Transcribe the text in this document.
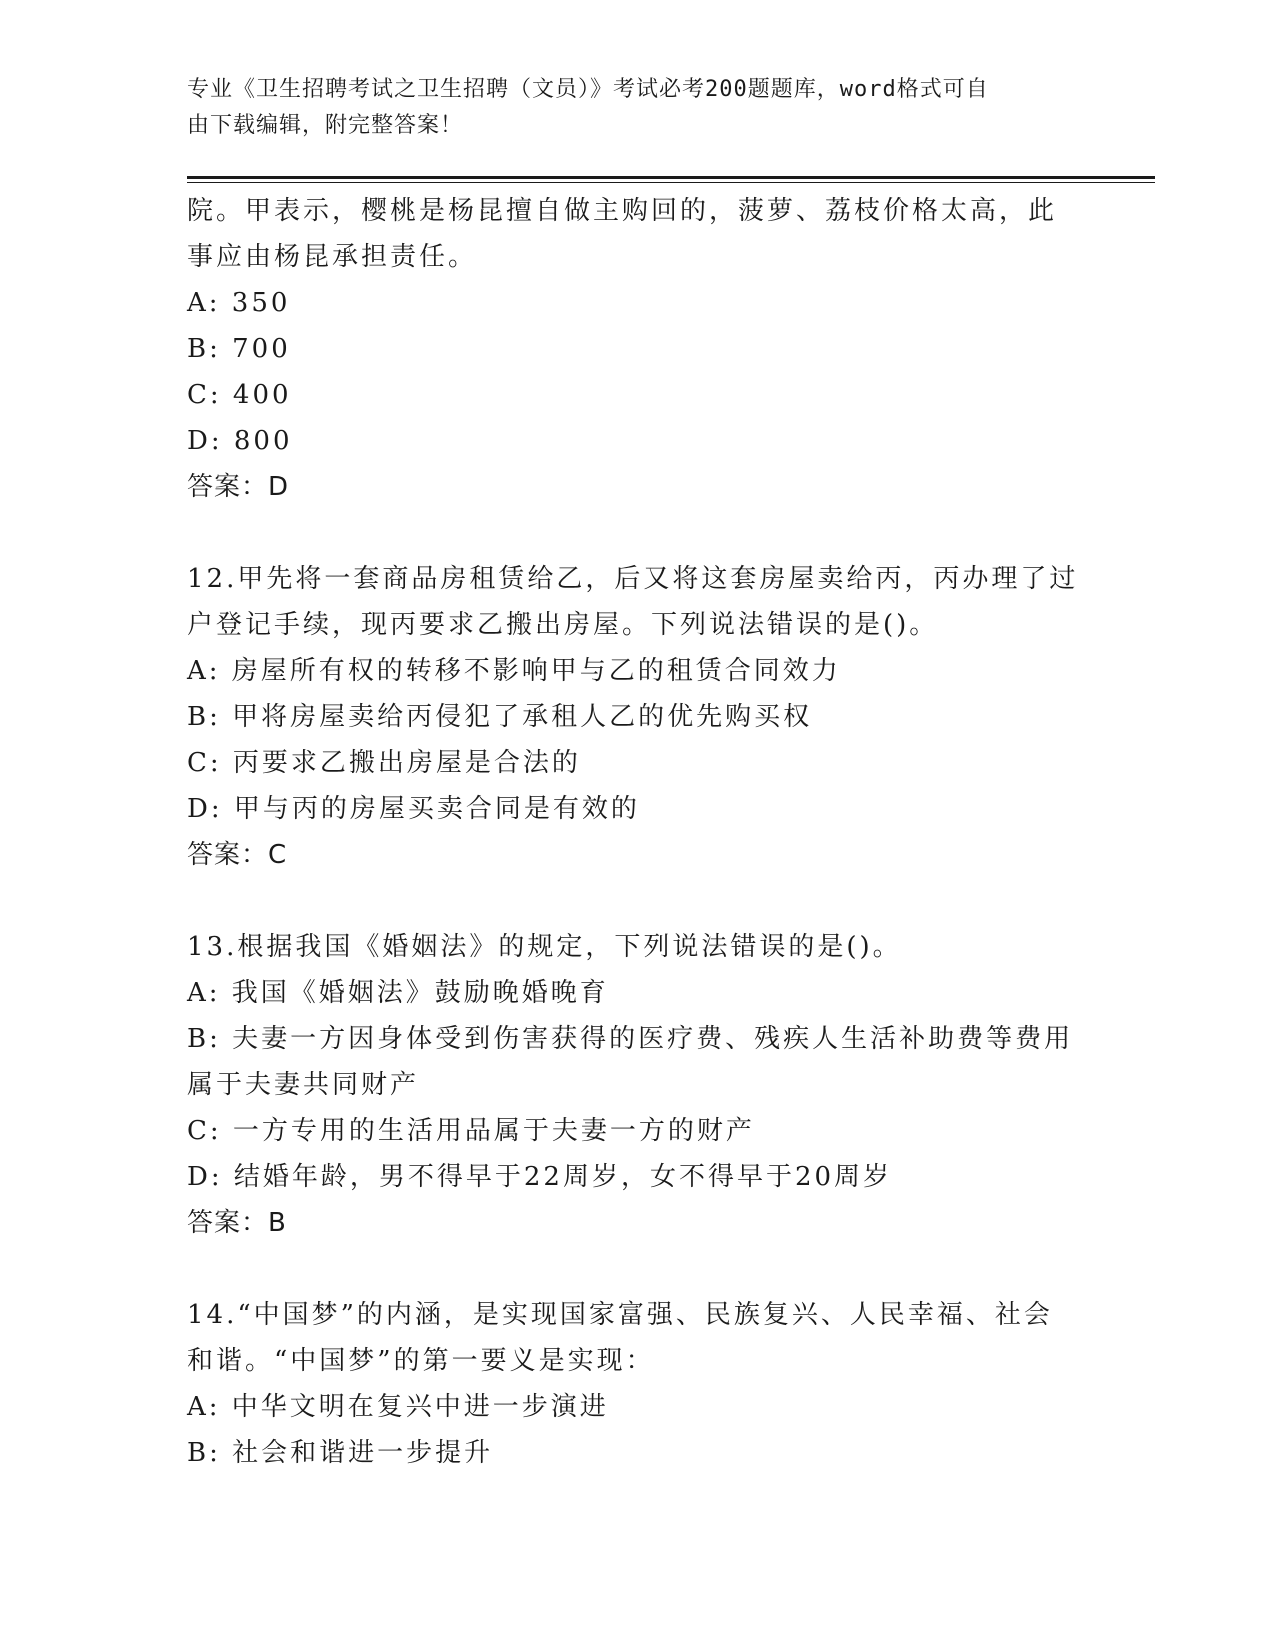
专业《卫生招聘考试之卫生招聘（文员）》考试必考200题题库，word格式可自
由下载编辑，附完整答案！
院。甲表示，樱桃是杨昆擅自做主购回的，菠萝、荔枝价格太高，此
事应由杨昆承担责任。
A: 350
B: 700
C: 400
D: 800
答案：D
12.甲先将一套商品房租赁给乙，后又将这套房屋卖给丙，丙办理了过
户登记手续，现丙要求乙搬出房屋。下列说法错误的是()。
A: 房屋所有权的转移不影响甲与乙的租赁合同效力
B: 甲将房屋卖给丙侵犯了承租人乙的优先购买权
C: 丙要求乙搬出房屋是合法的
D: 甲与丙的房屋买卖合同是有效的
答案：C
13.根据我国《婚姻法》的规定，下列说法错误的是()。
A: 我国《婚姻法》鼓励晚婚晚育
B: 夫妻一方因身体受到伤害获得的医疗费、残疾人生活补助费等费用
属于夫妻共同财产
C: 一方专用的生活用品属于夫妻一方的财产
D: 结婚年龄，男不得早于22周岁，女不得早于20周岁
答案：B
14.“中国梦”的内涵，是实现国家富强、民族复兴、人民幸福、社会
和谐。“中国梦”的第一要义是实现：
A: 中华文明在复兴中进一步演进
B: 社会和谐进一步提升
